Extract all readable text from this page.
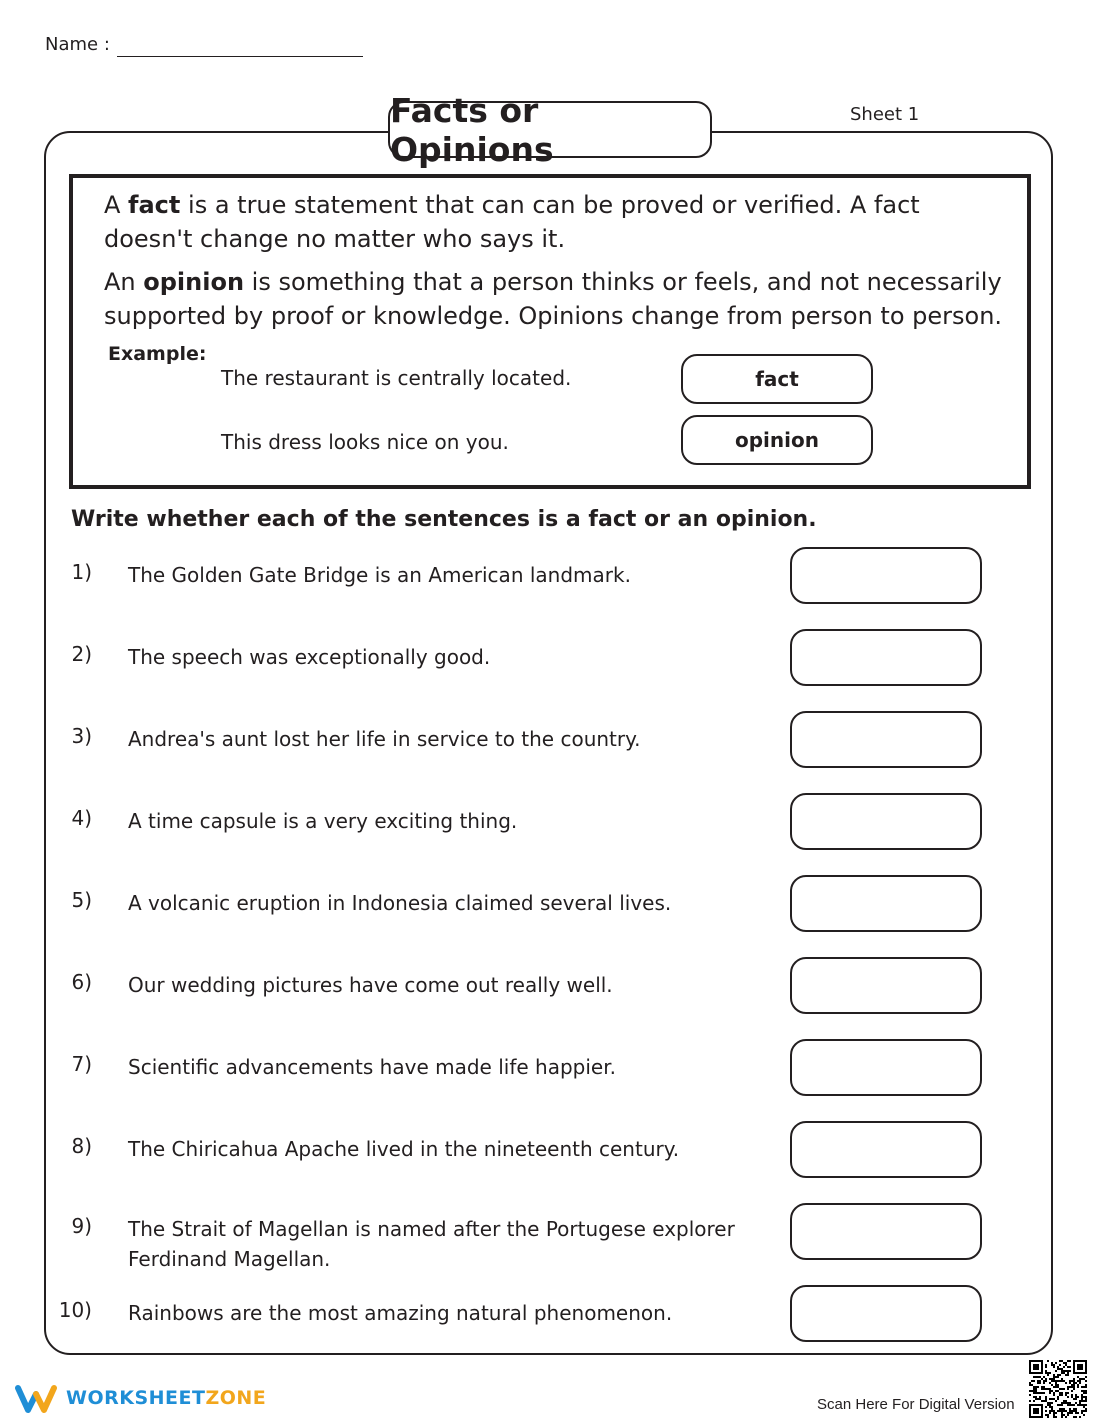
Name :
Facts or Opinions
Sheet 1
A fact is a true statement that can can be proved or verified. A fact doesn't change no matter who says it.
An opinion is something that a person thinks or feels, and not necessarily supported by proof or knowledge. Opinions change from person to person.
Example:
The restaurant is centrally located.	fact
This dress looks nice on you.	opinion
Write whether each of the sentences is a fact or an opinion.
1) The Golden Gate Bridge is an American landmark.
2) The speech was exceptionally good.
3) Andrea's aunt lost her life in service to the country.
4) A time capsule is a very exciting thing.
5) A volcanic eruption in Indonesia claimed several lives.
6) Our wedding pictures have come out really well.
7) Scientific advancements have made life happier.
8) The Chiricahua Apache lived in the nineteenth century.
9) The Strait of Magellan is named after the Portugese explorer Ferdinand Magellan.
10) Rainbows are the most amazing natural phenomenon.
WORKSHEETZONE	Scan Here For Digital Version
